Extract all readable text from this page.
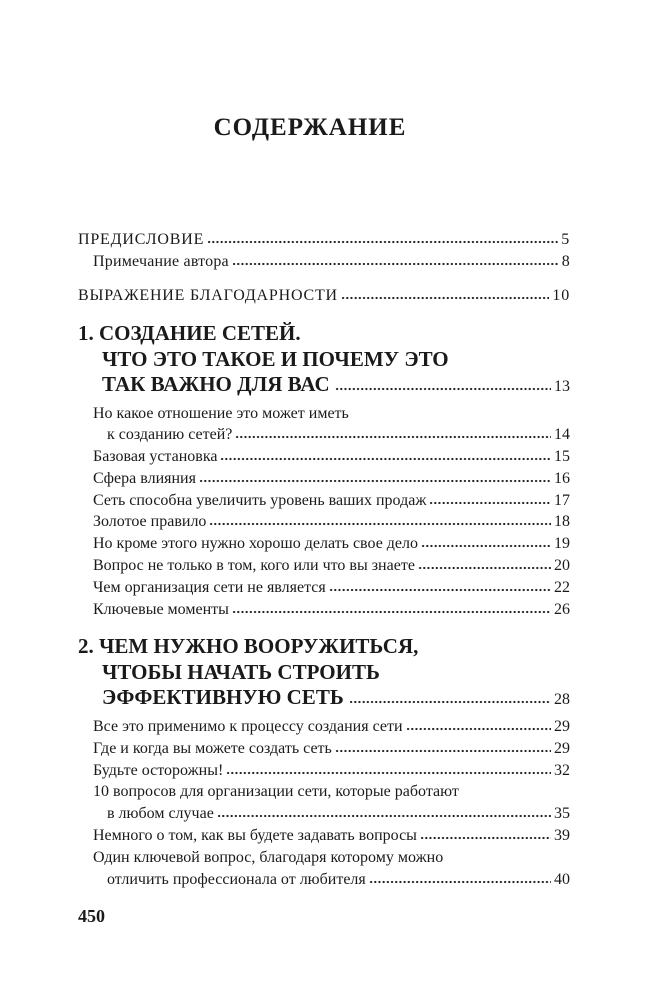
СОДЕРЖАНИЕ
ПРЕДИСЛОВИЕ	5
Примечание автора	8
ВЫРАЖЕНИЕ БЛАГОДАРНОСТИ	10
1. СОЗДАНИЕ СЕТЕЙ.
ЧТО ЭТО ТАКОЕ И ПОЧЕМУ ЭТО
ТАК ВАЖНО ДЛЯ ВАС	13
Но какое отношение это может иметь
к созданию сетей?	14
Базовая установка	15
Сфера влияния	16
Сеть способна увеличить уровень ваших продаж	17
Золотое правило	18
Но кроме этого нужно хорошо делать свое дело	19
Вопрос не только в том, кого или что вы знаете	20
Чем организация сети не является	22
Ключевые моменты	26
2. ЧЕМ НУЖНО ВООРУЖИТЬСЯ,
ЧТОБЫ НАЧАТЬ СТРОИТЬ
ЭФФЕКТИВНУЮ СЕТЬ	28
Все это применимо к процессу создания сети	29
Где и когда вы можете создать сеть	29
Будьте осторожны!	32
10 вопросов для организации сети, которые работают
в любом случае	35
Немного о том, как вы будете задавать вопросы	39
Один ключевой вопрос, благодаря которому можно
отличить профессионала от любителя	40
450
